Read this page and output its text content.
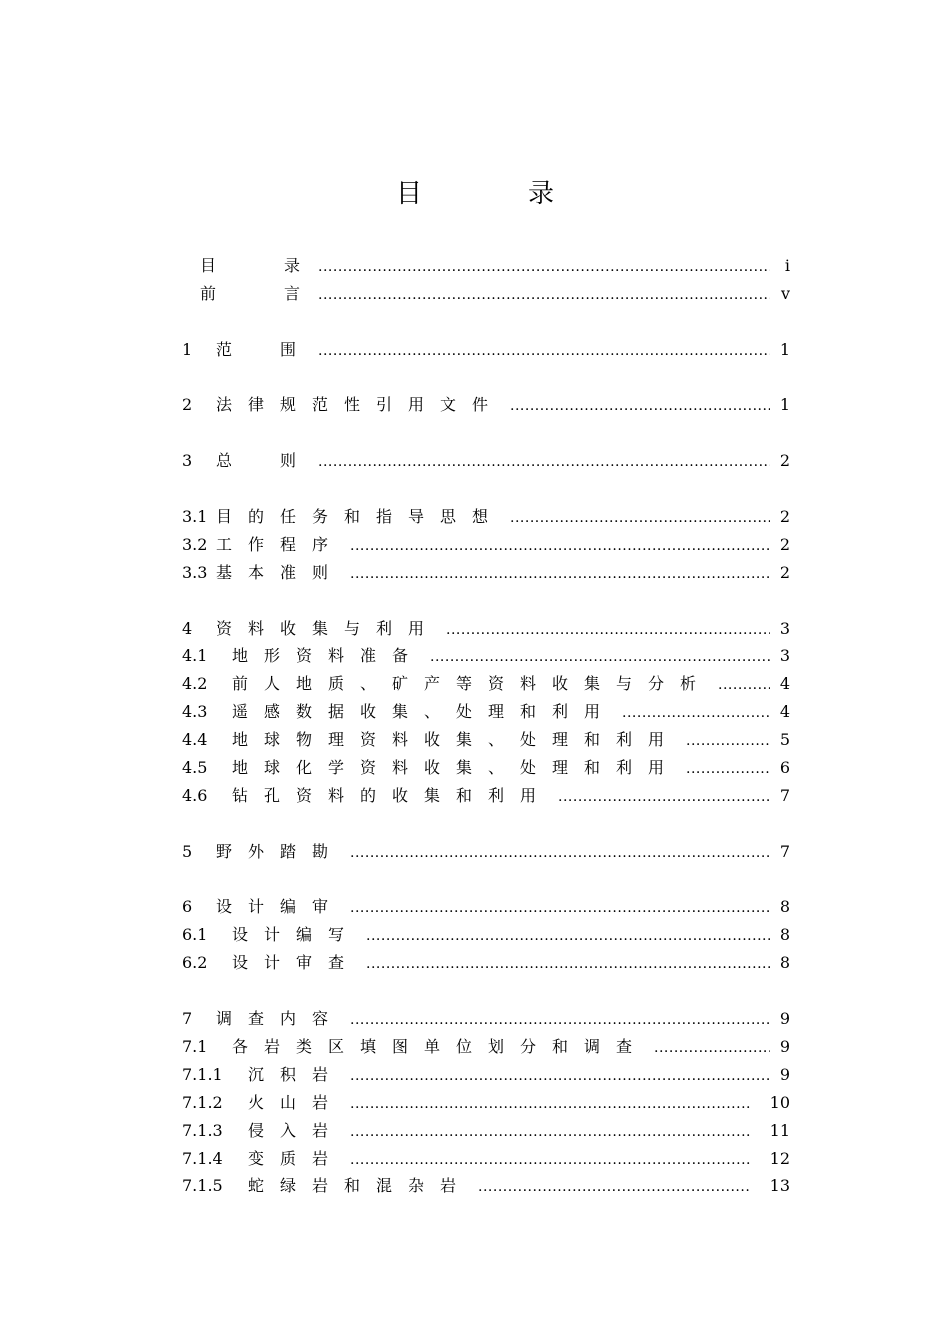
目　录
目　　录 .....	i
前　　言 .....	v
1	范　围 .....	1
2	法律规范性引用文件 .....	1
3	总　则 .....	2
3.1 目的任务和指导思想 .....	2
3.2 工作程序 .....	2
3.3 基本准则 .....	2
4	资料收集与利用 .....	3
4.1	地形资料准备 .....	3
4.2	前人地质、矿产等资料收集与分析 .....	4
4.3	遥感数据收集、处理和利用 .....	4
4.4	地球物理资料收集、处理和利用 .....	5
4.5	地球化学资料收集、处理和利用 .....	6
4.6	钻孔资料的收集和利用 .....	7
5	野外踏勘 .....	7
6	设计编审 .....	8
6.1	设计编写 .....	8
6.2	设计审查 .....	8
7	调查内容 .....	9
7.1	各岩类区填图单位划分和调查 .....	9
7.1.1	沉积岩 .....	9
7.1.2	火山岩 .....	10
7.1.3	侵入岩 .....	11
7.1.4	变质岩 .....	12
7.1.5	蛇绿岩和混杂岩 .....	13
